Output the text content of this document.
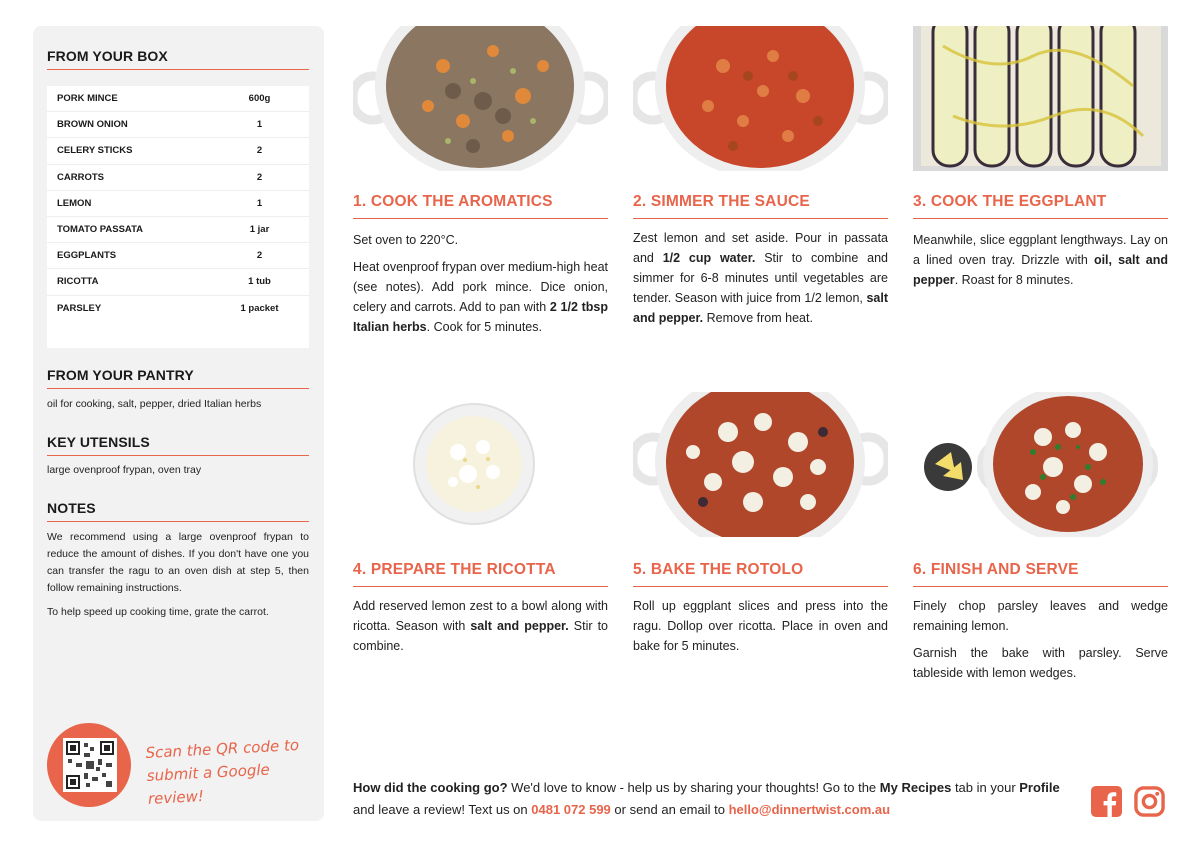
FROM YOUR BOX
PORK MINCE	600g
BROWN ONION	1
CELERY STICKS	2
CARROTS	2
LEMON	1
TOMATO PASSATA	1 jar
EGGPLANTS	2
RICOTTA	1 tub
PARSLEY	1 packet
FROM YOUR PANTRY
oil for cooking, salt, pepper, dried Italian herbs
KEY UTENSILS
large ovenproof frypan, oven tray
NOTES
We recommend using a large ovenproof frypan to reduce the amount of dishes. If you don't have one you can transfer the ragu to an oven dish at step 5, then follow remaining instructions.
To help speed up cooking time, grate the carrot.
Scan the QR code to
submit a Google review!
1. COOK THE AROMATICS	2. SIMMER THE SAUCE	3. COOK THE EGGPLANT
4. PREPARE THE RICOTTA	5. BAKE THE ROTOLO	6. FINISH AND SERVE

Set oven to 220°C.

Heat ovenproof frypan over medium-high heat (see notes). Add pork mince. Dice onion, celery and carrots. Add to pan with 2 1/2 tbsp Italian herbs. Cook for 5 minutes.

Zest lemon and set aside. Pour in passata and 1/2 cup water. Stir to combine and simmer for 6-8 minutes until vegetables are tender. Season with juice from 1/2 lemon, salt and pepper. Remove from heat.

Meanwhile, slice eggplant lengthways. Lay on a lined oven tray. Drizzle with oil, salt and pepper. Roast for 8 minutes.

Add reserved lemon zest to a bowl along with ricotta. Season with salt and pepper. Stir to combine.

Roll up eggplant slices and press into the ragu. Dollop over ricotta. Place in oven and bake for 5 minutes.

Finely chop parsley leaves and wedge remaining lemon.

Garnish the bake with parsley. Serve tableside with lemon wedges.

How did the cooking go? We'd love to know - help us by sharing your thoughts! Go to the My Recipes tab in your Profile and leave a review! Text us on 0481 072 599 or send an email to hello@dinnertwist.com.au
